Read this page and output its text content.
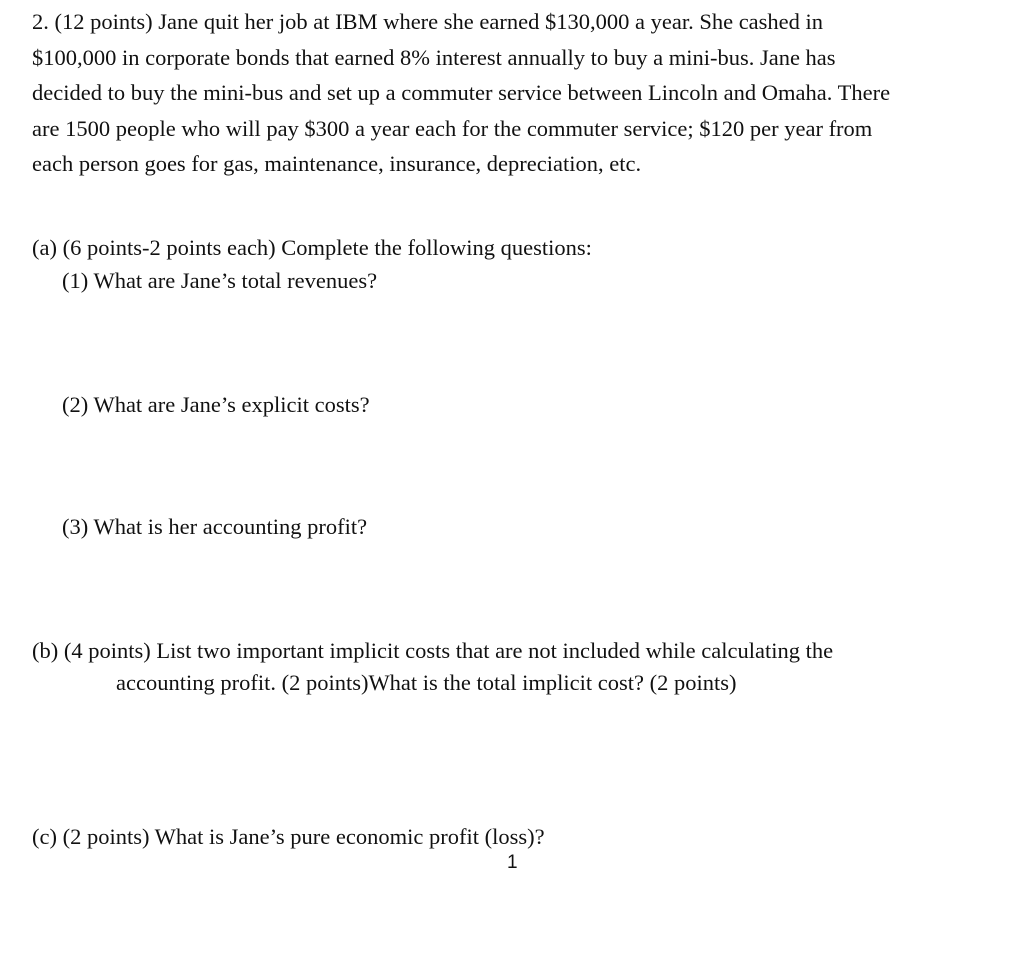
2. (12 points) Jane quit her job at IBM where she earned $130,000 a year. She cashed in
$100,000 in corporate bonds that earned 8% interest annually to buy a mini-bus. Jane has
decided to buy the mini-bus and set up a commuter service between Lincoln and Omaha. There
are 1500 people who will pay $300 a year each for the commuter service; $120 per year from
each person goes for gas, maintenance, insurance, depreciation, etc.
(a) (6 points-2 points each) Complete the following questions:
(1) What are Jane’s total revenues?
(2) What are Jane’s explicit costs?
(3) What is her accounting profit?
(b) (4 points) List two important implicit costs that are not included while calculating the
accounting profit. (2 points)What is the total implicit cost? (2 points)
(c) (2 points) What is Jane’s pure economic profit (loss)?
1
